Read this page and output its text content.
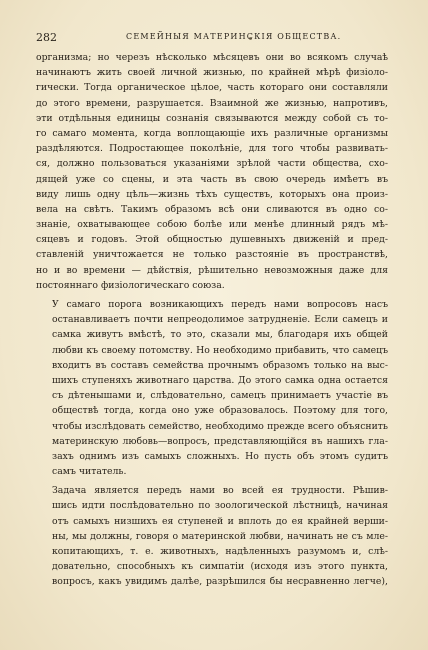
282	СЕМЕЙНЫЯ МАТЕРИНСКІЯ ОБЩЕСТВА.
организма; но черезъ нѣсколько мѣсяцевъ они во всякомъ случаѣ
начинаютъ жить своей личной жизнью, по крайней мѣрѣ физіоло-
гически. Тогда органическое цѣлое, часть котораго они составляли
до этого времени, разрушается. Взаимной же жизнью, напротивъ,
эти отдѣльныя единицы сознанія связываются между собой съ то-
го самаго момента, когда воплощающіе ихъ различные организмы
раздѣляются. Подростающее поколѣніе, для того чтобы развивать-
ся, должно пользоваться указаніями зрѣлой части общества, схо-
дящей уже со сцены, и эта часть въ свою очередь имѣетъ въ
виду лишь одну цѣль—жизнь тѣхъ существъ, которыхъ она произ-
вела на свѣтъ. Такимъ образомъ всѣ они сливаются въ одно со-
знаніе, охватывающее собою болѣе или менѣе длинный рядъ мѣ-
сяцевъ и годовъ. Этой общностью душевныхъ движеній и пред-
ставленій уничтожается не только разстояніе въ пространствѣ,
но и во времени — дѣйствія, рѣшительно невозможныя даже для
постояннаго физіологическаго союза.
У самаго порога возникающихъ передъ нами вопросовъ насъ
останавливаетъ почти непреодолимое затрудненіе. Если самецъ и
самка живутъ вмѣстѣ, то это, сказали мы, благодаря ихъ общей
любви къ своему потомству. Но необходимо прибавить, что самецъ
входитъ въ составъ семейства прочнымъ образомъ только на выс-
шихъ ступеняхъ животнаго царства. До этого самка одна остается
съ дѣтенышами и, слѣдовательно, самецъ принимаетъ участіе въ
обществѣ тогда, когда оно уже образовалось. Поэтому для того,
чтобы изслѣдовать семейство, необходимо прежде всего объяснить
материнскую любовь—вопросъ, представляющійся въ нашихъ гла-
захъ однимъ изъ самыхъ сложныхъ. Но пусть объ этомъ судитъ
самъ читатель.
Задача является передъ нами во всей ея трудности. Рѣшив-
шись идти послѣдовательно по зоологической лѣстницѣ, начиная
отъ самыхъ низшихъ ея ступеней и вплоть до ея крайней верши-
ны, мы должны, говоря о материнской любви, начинать не съ мле-
копитающихъ, т. е. животныхъ, надѣленныхъ разумомъ и, слѣ-
довательно, способныхъ къ симпатіи (исходя изъ этого пункта,
вопросъ, какъ увидимъ далѣе, разрѣшился бы несравненно легче),
